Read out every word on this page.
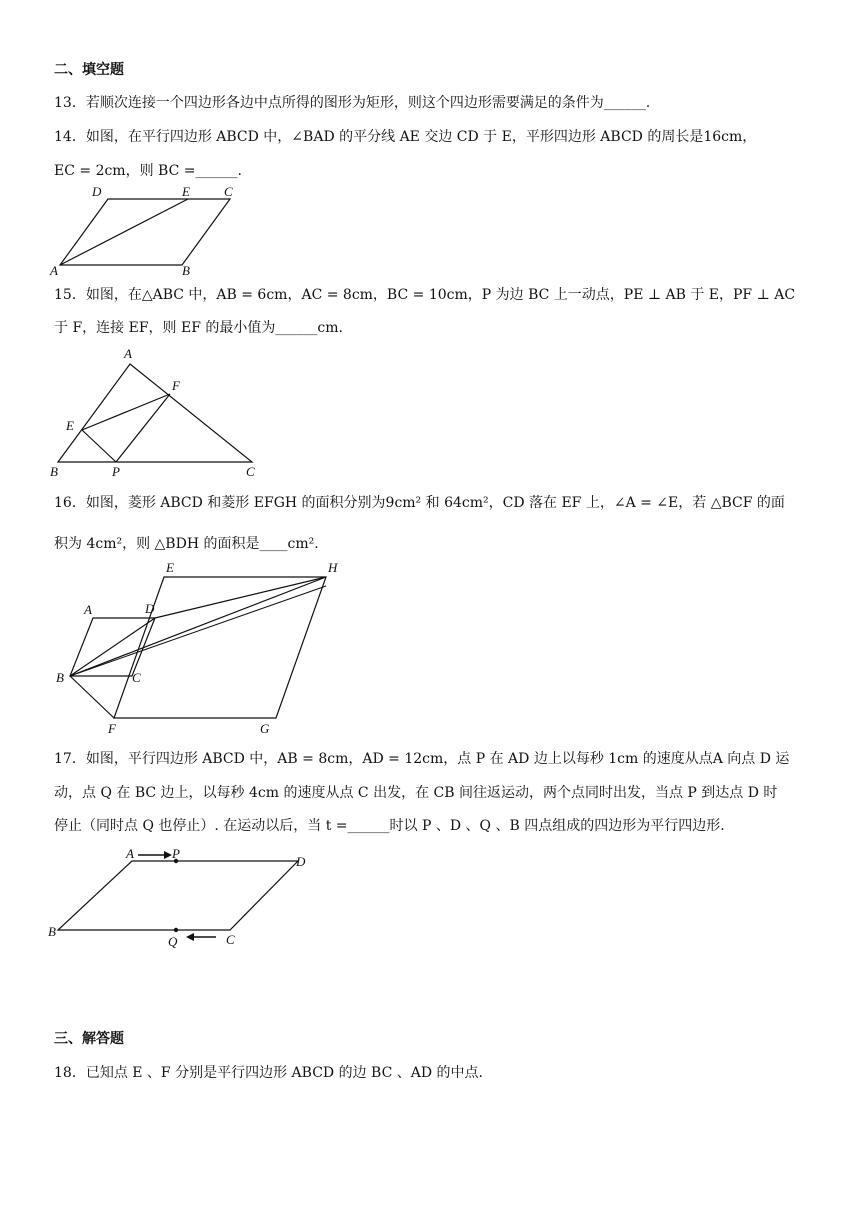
二、填空题
13．若顺次连接一个四边形各边中点所得的图形为矩形，则这个四边形需要满足的条件为______.
14．如图，在平行四边形 ABCD 中，∠BAD 的平分线 AE 交边 CD 于 E，平形四边形 ABCD 的周长是16cm，
EC = 2cm，则 BC =______.
A	B
C
D	E
15．如图，在△ABC 中，AB = 6cm，AC = 8cm，BC = 10cm，P 为边 BC 上一动点，PE ⊥ AB 于 E，PF ⊥ AC
于 F，连接 EF，则 EF 的最小值为______cm.
A
B	C
E
F
P
16．如图，菱形 ABCD 和菱形 EFGH 的面积分别为9cm² 和 64cm²，CD 落在 EF 上，∠A = ∠E，若 △BCF 的面
积为 4cm²，则 △BDH 的面积是____cm².
E	H
A	D
B	C
F	G
17．如图，平行四边形 ABCD 中，AB = 8cm，AD = 12cm，点 P 在 AD 边上以每秒 1cm 的速度从点A 向点 D 运
动，点 Q 在 BC 边上，以每秒 4cm 的速度从点 C 出发，在 CB 间往返运动，两个点同时出发，当点 P 到达点 D 时
停止（同时点 Q 也停止）. 在运动以后，当 t =______时以 P 、D 、Q 、B 四点组成的四边形为平行四边形.
A	P
D
B
Q	C
三、解答题
18．已知点 E 、F 分别是平行四边形 ABCD 的边 BC 、AD 的中点.
